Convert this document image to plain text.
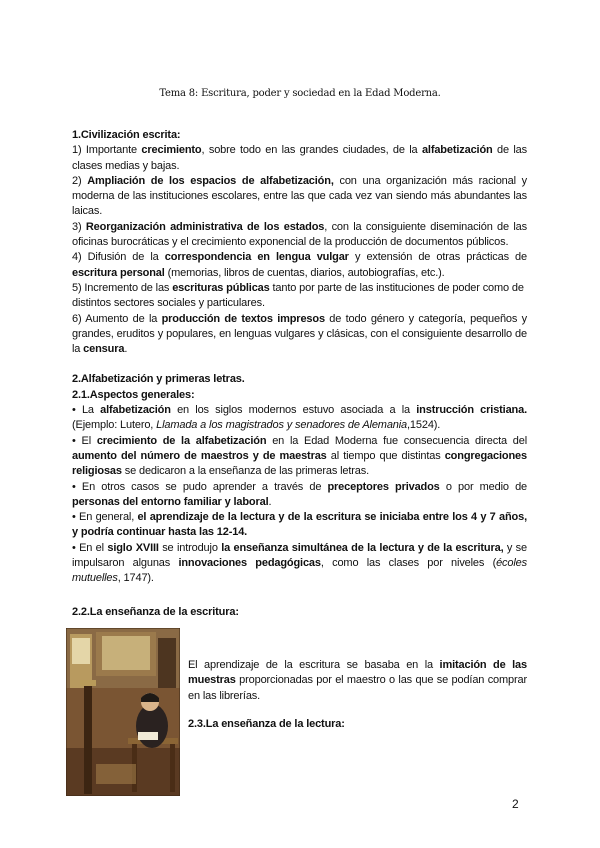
Tema 8: Escritura, poder y sociedad en la Edad Moderna.

1.Civilización escrita:

1) Importante crecimiento, sobre todo en las grandes ciudades, de la alfabetización de las clases medias y bajas.

2) Ampliación de los espacios de alfabetización, con una organización más racional y moderna de las instituciones escolares, entre las que cada vez van siendo más abundantes las laicas.

3) Reorganización administrativa de los estados, con la consiguiente diseminación de las oficinas burocráticas y el crecimiento exponencial de la producción de documentos públicos.

4) Difusión de la correspondencia en lengua vulgar y extensión de otras prácticas de escritura personal (memorias, libros de cuentas, diarios, autobiografías, etc.).

5) Incremento de las escrituras públicas tanto por parte de las instituciones de poder como de distintos sectores sociales y particulares.

6) Aumento de la producción de textos impresos de todo género y categoría, pequeños y grandes, eruditos y populares, en lenguas vulgares y clásicas, con el consiguiente desarrollo de la censura.

2.Alfabetización y primeras letras.

2.1.Aspectos generales:

• La alfabetización en los siglos modernos estuvo asociada a la instrucción cristiana. (Ejemplo: Lutero, Llamada a los magistrados y senadores de Alemania,1524).

• El crecimiento de la alfabetización en la Edad Moderna fue consecuencia directa del aumento del número de maestros y de maestras al tiempo que distintas congregaciones religiosas se dedicaron a la enseñanza de las primeras letras.

• En otros casos se pudo aprender a través de preceptores privados o por medio de personas del entorno familiar y laboral.

• En general, el aprendizaje de la lectura y de la escritura se iniciaba entre los 4 y 7 años, y podría continuar hasta las 12-14.

• En el siglo XVIII se introdujo la enseñanza simultánea de la lectura y de la escritura, y se impulsaron algunas innovaciones pedagógicas, como las clases por niveles (écoles mutuelles, 1747).

2.2.La enseñanza de la escritura:

El aprendizaje de la escritura se basaba en la imitación de las muestras proporcionadas por el maestro o las que se podían comprar en las librerías.

2.3.La enseñanza de la lectura:

2
